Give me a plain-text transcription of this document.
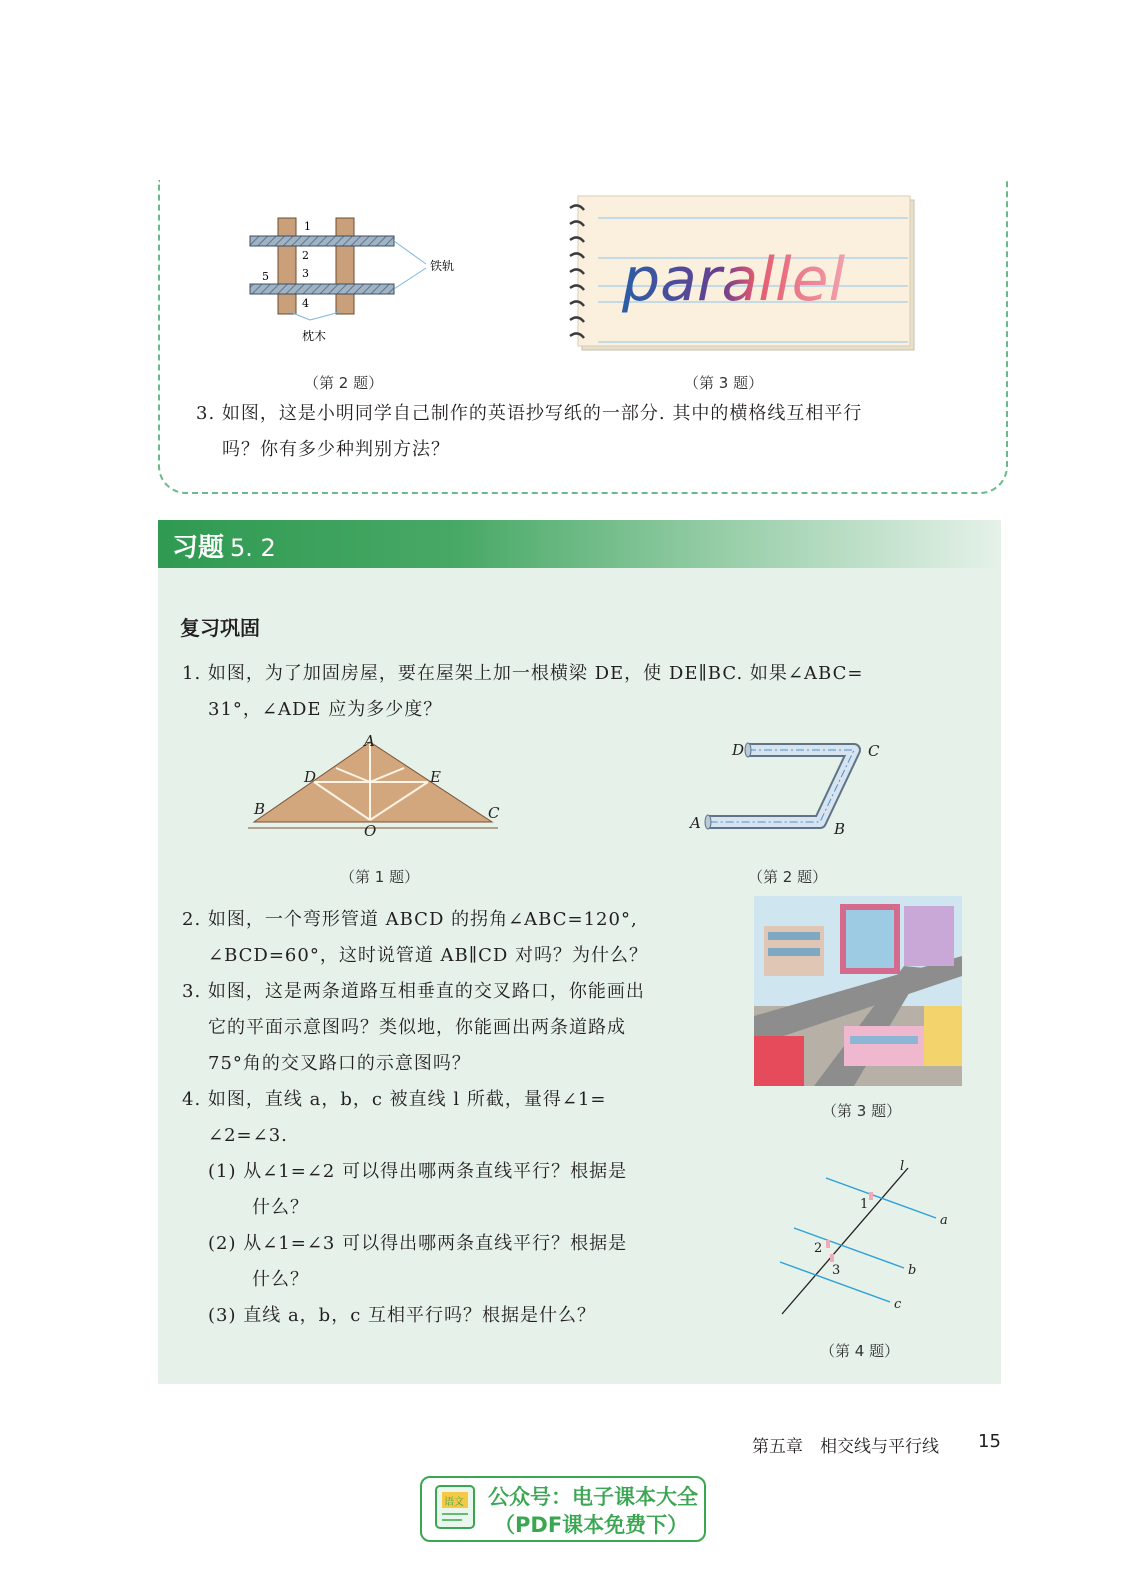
1
2
3
4
5
铁轨
枕木
parallel
（第 2 题）	（第 3 题）
3. 如图，这是小明同学自己制作的英语抄写纸的一部分. 其中的横格线互相平行
吗？你有多少种判别方法？
习题 5. 2
复习巩固
1. 如图，为了加固房屋，要在屋架上加一根横梁 DE，使 DE∥BC. 如果∠ABC=
31°，∠ADE 应为多少度？
A
D	E
B	C
O
D	C
A	B
（第 1 题）	（第 2 题）
2. 如图，一个弯形管道 ABCD 的拐角∠ABC=120°,
∠BCD=60°，这时说管道 AB∥CD 对吗？为什么？
3. 如图，这是两条道路互相垂直的交叉路口，你能画出
它的平面示意图吗？类似地，你能画出两条道路成
75°角的交叉路口的示意图吗？
（第 3 题）
4. 如图，直线 a，b，c 被直线 l 所截，量得∠1=
∠2=∠3.
(1) 从∠1=∠2 可以得出哪两条直线平行？根据是
什么？
(2) 从∠1=∠3 可以得出哪两条直线平行？根据是
什么？
(3) 直线 a，b，c 互相平行吗？根据是什么？
l
1
a
2
3	b
c
（第 4 题）
第五章　相交线与平行线 15
语文 公众号：电子课本大全
（PDF课本免费下）
